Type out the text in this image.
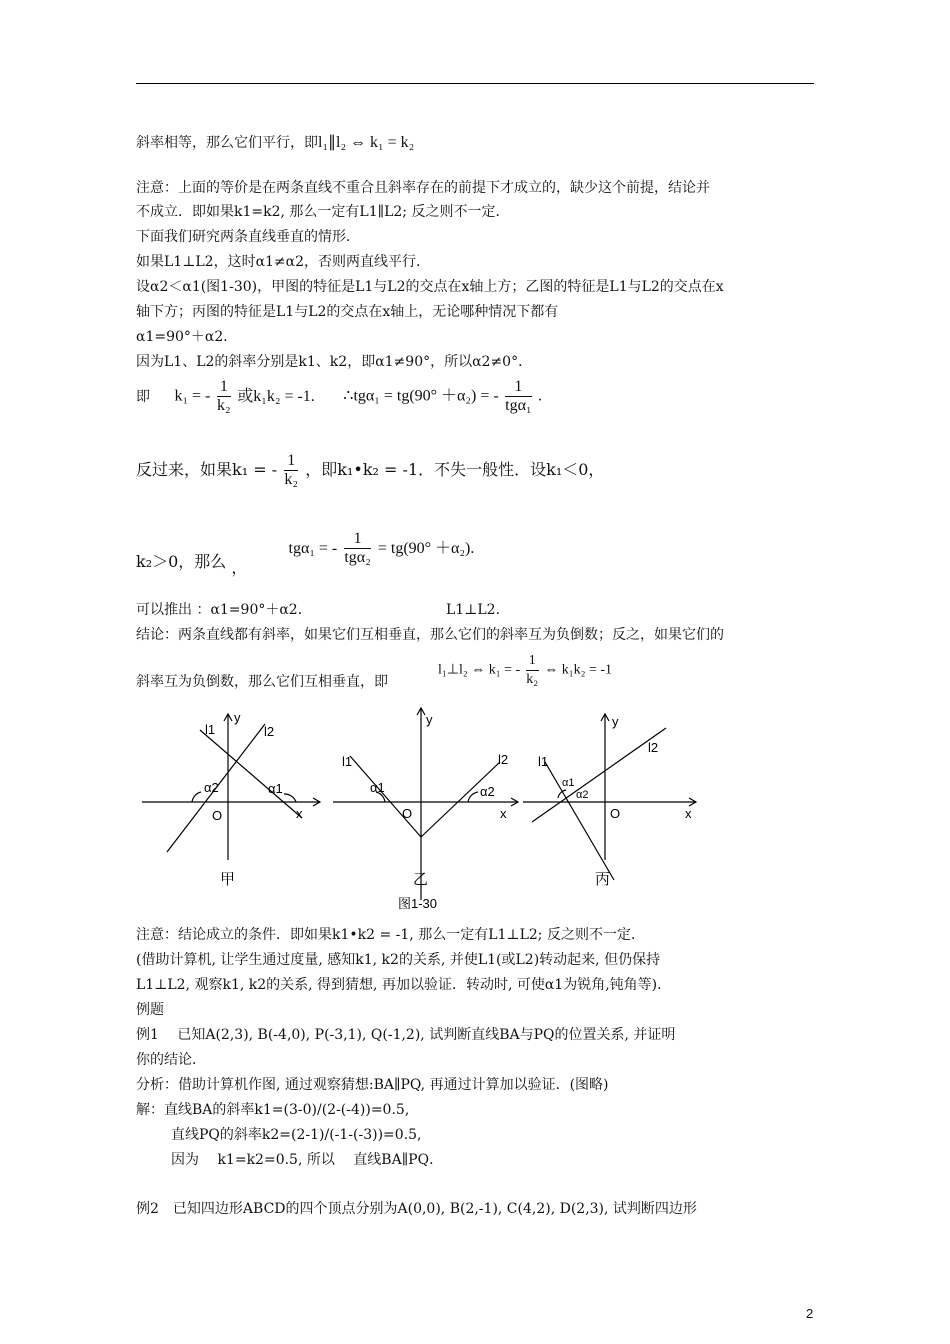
斜率相等，那么它们平行，即l₁∥l₂ ⇔ k₁ = k₂
注意：上面的等价是在两条直线不重合且斜率存在的前提下才成立的，缺少这个前提，结论并
不成立．即如果k1=k2, 那么一定有L1∥L2; 反之则不一定．
下面我们研究两条直线垂直的情形．
如果L1⊥L2，这时α1≠α2，否则两直线平行．
设α2＜α1(图1-30)，甲图的特征是L1与L2的交点在x轴上方；乙图的特征是L1与L2的交点在x
轴下方；丙图的特征是L1与L2的交点在x轴上，无论哪种情况下都有
α1=90°＋α2．
因为L1、L2的斜率分别是k1、k2，即α1≠90°，所以α2≠0°．
即 k₁ = - $\frac{1}{\text{k₂}}$ 或k₁k₂ = -1. ∴tgα₁ = tg(90° ＋α₂) = - $\frac{1}{\text{tgα₁}}$ .
反过来，如果k₁ = - $\frac{1}{\text{k₂}}$ ，即k₁•k₂ = -1．不失一般性．设k₁＜0，
k₂＞0，那么 ， tgα₁ = - $\frac{1}{\text{tgα₂}} = tg(90^\circ +\alpha_2)$.
可以推出 ：α1=90°＋α2．	L1⊥L2．
结论：两条直线都有斜率，如果它们互相垂直，那么它们的斜率互为负倒数；反之，如果它们的
斜率互为负倒数，那么它们互相垂直，即
l₁⊥l₂ ⇔ k₁ = - $\frac{1}{\text{k₂}}$ ⇔ k₁k₂ = -1
l1
y
l2
α2	α1
O	x
甲
l1
y
l2
α1	α2
O	x
乙
l1
y
l2
α1
α2
O	x
丙
图1-30
注意：结论成立的条件．即如果k1•k2 = -1, 那么一定有L1⊥L2; 反之则不一定．
(借助计算机, 让学生通过度量, 感知k1, k2的关系, 并使L1(或L2)转动起来, 但仍保持
L1⊥L2, 观察k1, k2的关系, 得到猜想, 再加以验证．转动时, 可使α1为锐角,钝角等)．
例题
例1　 已知A(2,3), B(-4,0), P(-3,1), Q(-1,2), 试判断直线BA与PQ的位置关系, 并证明
你的结论．
分析：借助计算机作图, 通过观察猜想:BA∥PQ, 再通过计算加以验证．(图略)
解：直线BA的斜率k1=(3-0)/(2-(-4))=0.5,
直线PQ的斜率k2=(2-1)/(-1-(-3))=0.5,
因为　 k1=k2=0.5, 所以　 直线BA∥PQ．
例2　已知四边形ABCD的四个顶点分别为A(0,0), B(2,-1), C(4,2), D(2,3), 试判断四边形
2
